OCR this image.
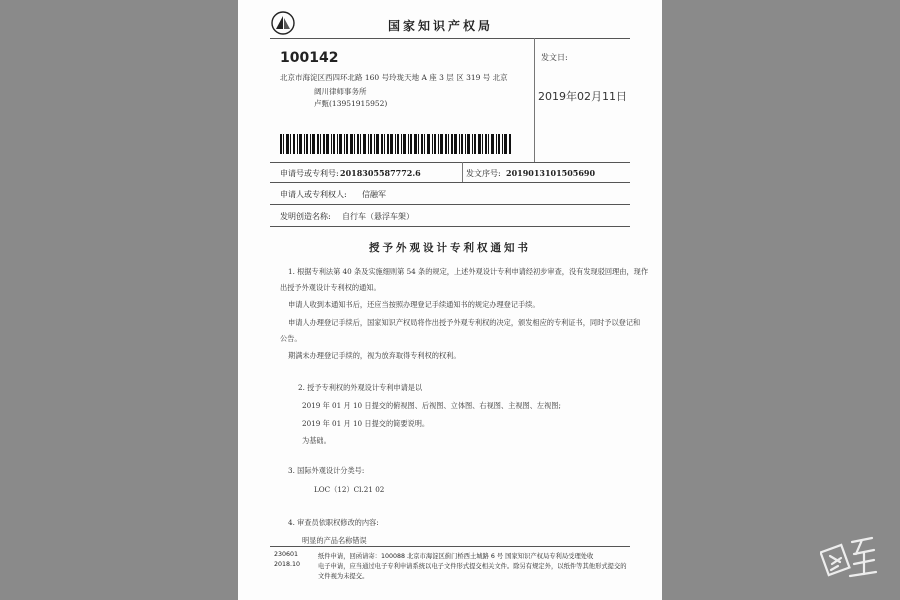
国家知识产权局
100142
北京市海淀区西四环北路 160 号玲珑天地 A 座 3 层 区 319 号 北京
阔川律师事务所
卢甄(13951915952)
发文日:
2019年02月11日
申请号或专利号: 2018305587772.6	发文序号: 2019013101505690
申请人或专利权人: 信融军
发明创造名称: 自行车（悬浮车架）
授予外观设计专利权通知书
1. 根据专利法第 40 条及实施细则第 54 条的规定，上述外观设计专利申请经初步审查，没有发现驳回理由，现作
出授予外观设计专利权的通知。
申请人收到本通知书后，还应当按照办理登记手续通知书的规定办理登记手续。
申请人办理登记手续后，国家知识产权局将作出授予外观专利权的决定，颁发相应的专利证书，同时予以登记和
公告。
期满未办理登记手续的，视为放弃取得专利权的权利。
2. 授予专利权的外观设计专利申请是以
2019 年 01 月 10 日提交的俯视图、后视图、立体图、右视图、主视图、左视图;
2019 年 01 月 10 日提交的简要说明。
为基础。
3. 国际外观设计分类号:
LOC（12）Cl.21 02
4. 审查员依职权修改的内容:
明显的产品名称错误
230601
2018.10
纸件申请，回函请寄：100088 北京市海淀区蓟门桥西土城路 6 号 国家知识产权局专利局受理处收
电子申请，应当通过电子专利申请系统以电子文件形式提交相关文件。除另有规定外，以纸件等其他形式提交的
文件视为未提交。
